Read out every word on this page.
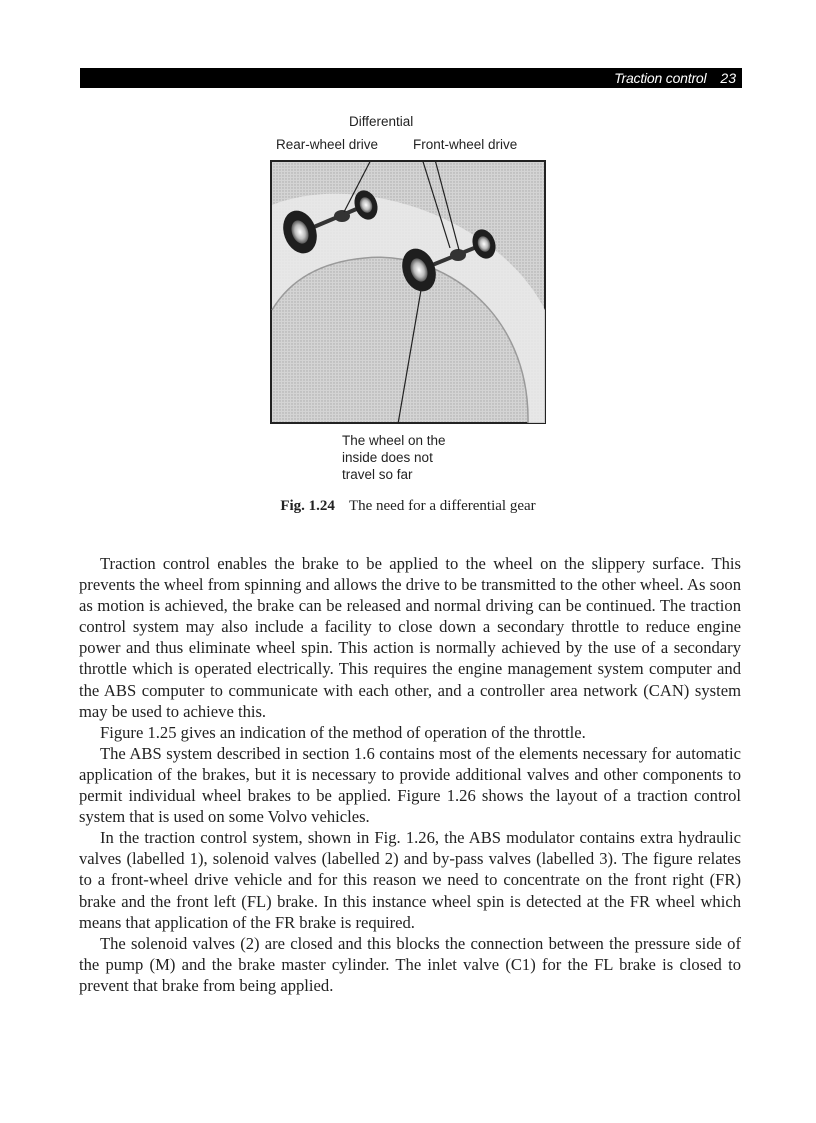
Traction control 23
Differential
Rear-wheel drive	Front-wheel drive
The wheel on the
inside does not
travel so far
Fig. 1.24 The need for a differential gear

Traction control enables the brake to be applied to the wheel on the slippery surface. This prevents the wheel from spinning and allows the drive to be transmitted to the other wheel. As soon as motion is achieved, the brake can be released and normal driving can be continued. The traction control system may also include a facility to close down a secondary throttle to reduce engine power and thus eliminate wheel spin. This action is normally achieved by the use of a secondary throttle which is operated electrically. This requires the engine management system computer and the ABS computer to communicate with each other, and a controller area network (CAN) system may be used to achieve this.

Figure 1.25 gives an indication of the method of operation of the throttle.

The ABS system described in section 1.6 contains most of the elements necessary for automatic application of the brakes, but it is necessary to provide additional valves and other components to permit individual wheel brakes to be applied. Figure 1.26 shows the layout of a traction control system that is used on some Volvo vehicles.

In the traction control system, shown in Fig. 1.26, the ABS modulator contains extra hydraulic valves (labelled 1), solenoid valves (labelled 2) and by-pass valves (labelled 3). The figure relates to a front-wheel drive vehicle and for this reason we need to concentrate on the front right (FR) brake and the front left (FL) brake. In this instance wheel spin is detected at the FR wheel which means that application of the FR brake is required.

The solenoid valves (2) are closed and this blocks the connection between the pressure side of the pump (M) and the brake master cylinder. The inlet valve (C1) for the FL brake is closed to prevent that brake from being applied.
